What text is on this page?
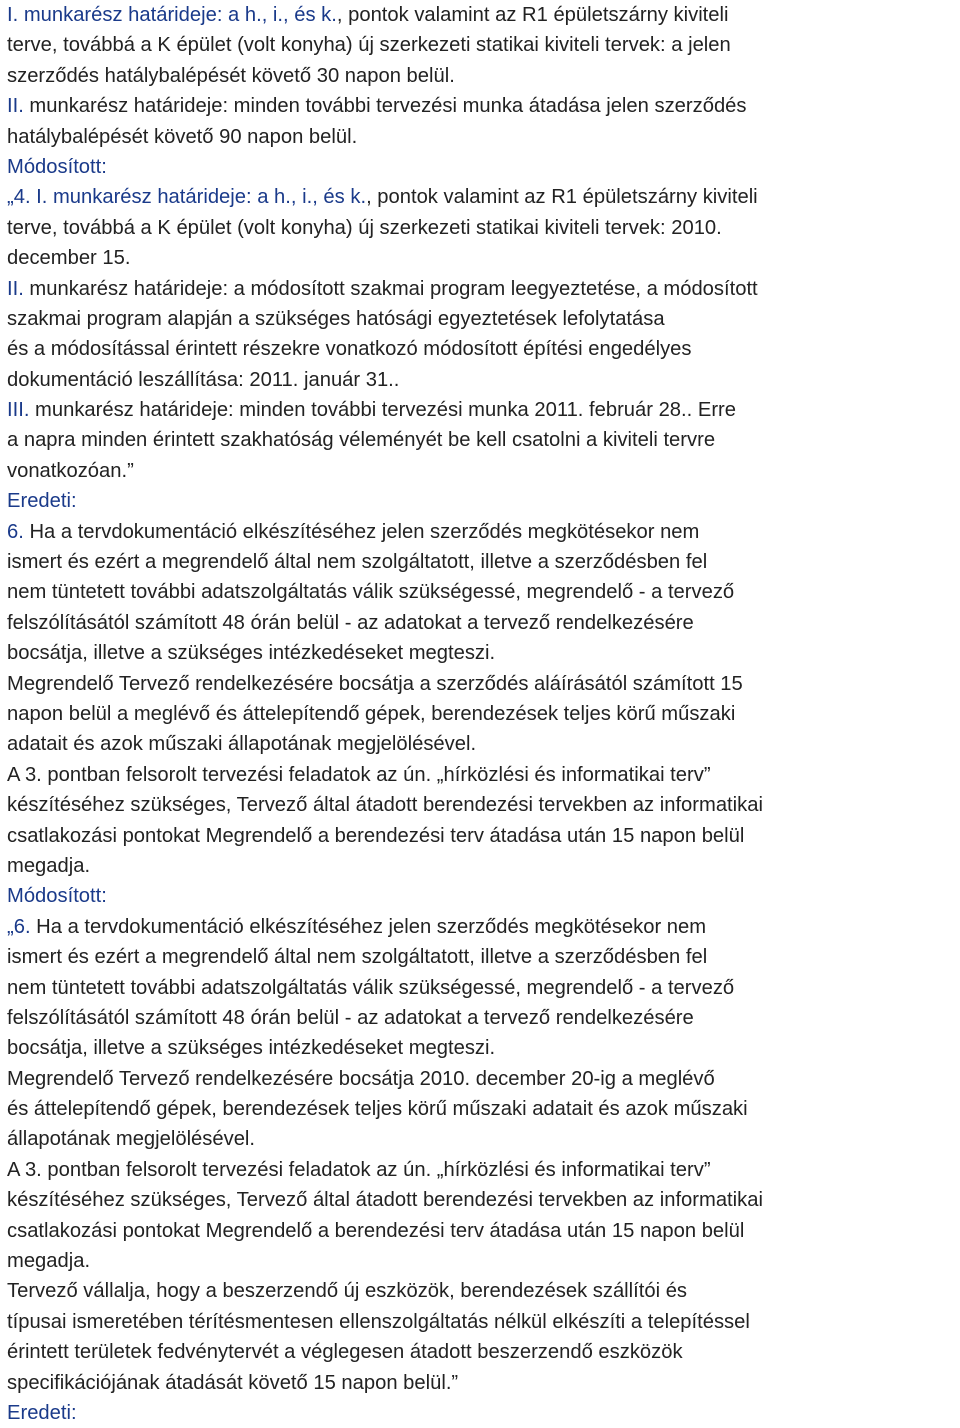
I. munkarész határideje: a h., i., és k., pontok valamint az R1 épületszárny kiviteli
terve, továbbá a K épület (volt konyha) új szerkezeti statikai kiviteli tervek: a jelen
szerződés hatálybalépését követő 30 napon belül.
II. munkarész határideje: minden további tervezési munka átadása jelen szerződés
hatálybalépését követő 90 napon belül.
Módosított:
„4. I. munkarész határideje: a h., i., és k., pontok valamint az R1 épületszárny kiviteli
terve, továbbá a K épület (volt konyha) új szerkezeti statikai kiviteli tervek: 2010.
december 15.
II. munkarész határideje: a módosított szakmai program leegyeztetése, a módosított
szakmai program alapján a szükséges hatósági egyeztetések lefolytatása
és a módosítással érintett részekre vonatkozó módosított építési engedélyes
dokumentáció leszállítása: 2011. január 31..
III. munkarész határideje: minden további tervezési munka 2011. február 28.. Erre
a napra minden érintett szakhatóság véleményét be kell csatolni a kiviteli tervre
vonatkozóan.”
Eredeti:
6. Ha a tervdokumentáció elkészítéséhez jelen szerződés megkötésekor nem
ismert és ezért a megrendelő által nem szolgáltatott, illetve a szerződésben fel
nem tüntetett további adatszolgáltatás válik szükségessé, megrendelő - a tervező
felszólításától számított 48 órán belül - az adatokat a tervező rendelkezésére
bocsátja, illetve a szükséges intézkedéseket megteszi.
Megrendelő Tervező rendelkezésére bocsátja a szerződés aláírásától számított 15
napon belül a meglévő és áttelepítendő gépek, berendezések teljes körű műszaki
adatait és azok műszaki állapotának megjelölésével.
A 3. pontban felsorolt tervezési feladatok az ún. „hírközlési és informatikai terv”
készítéséhez szükséges, Tervező által átadott berendezési tervekben az informatikai
csatlakozási pontokat Megrendelő a berendezési terv átadása után 15 napon belül
megadja.
Módosított:
„6. Ha a tervdokumentáció elkészítéséhez jelen szerződés megkötésekor nem
ismert és ezért a megrendelő által nem szolgáltatott, illetve a szerződésben fel
nem tüntetett további adatszolgáltatás válik szükségessé, megrendelő - a tervező
felszólításától számított 48 órán belül - az adatokat a tervező rendelkezésére
bocsátja, illetve a szükséges intézkedéseket megteszi.
Megrendelő Tervező rendelkezésére bocsátja 2010. december 20-ig a meglévő
és áttelepítendő gépek, berendezések teljes körű műszaki adatait és azok műszaki
állapotának megjelölésével.
A 3. pontban felsorolt tervezési feladatok az ún. „hírközlési és informatikai terv”
készítéséhez szükséges, Tervező által átadott berendezési tervekben az informatikai
csatlakozási pontokat Megrendelő a berendezési terv átadása után 15 napon belül
megadja.
Tervező vállalja, hogy a beszerzendő új eszközök, berendezések szállítói és
típusai ismeretében térítésmentesen ellenszolgáltatás nélkül elkészíti a telepítéssel
érintett területek fedvénytervét a véglegesen átadott beszerzendő eszközök
specifikációjának átadását követő 15 napon belül.”
Eredeti:
